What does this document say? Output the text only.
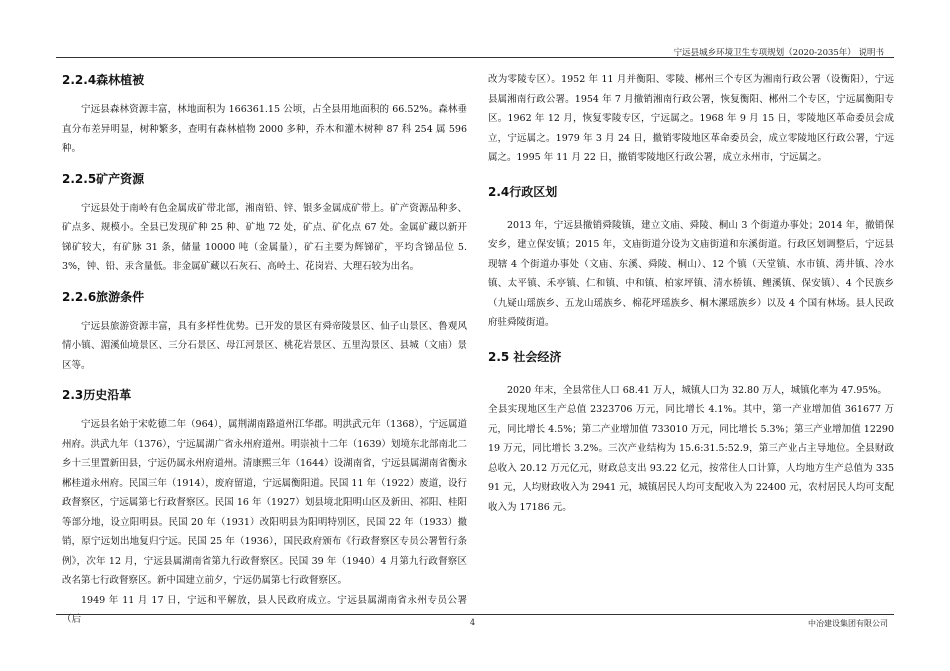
宁远县城乡环境卫生专项规划（2020-2035年） 说明书
2.2.4森林植被

宁远县森林资源丰富，林地面积为 166361.15 公顷，占全县用地面积的 66.52%。森林垂直分布差异明显，树种繁多，查明有森林植物 2000 多种，乔木和灌木树种 87 科 254 属 596 种。

2.2.5矿产资源

宁远县处于南岭有色金属成矿带北部，湘南铅、锌、银多金属成矿带上。矿产资源品种多、矿点多、规模小。全县已发现矿种 25 种、矿地 72 处，矿点、矿化点 67 处。金属矿藏以新开锑矿较大，有矿脉 31 条，储量 10000 吨（金属量），矿石主要为辉锑矿，平均含锑品位 5.3%，钟、铅、汞含量低。非金属矿藏以石灰石、高岭土、花岗岩、大理石较为出名。

2.2.6旅游条件

宁远县旅游资源丰富，具有多样性优势。已开发的景区有舜帝陵景区、仙子山景区、鲁观风情小镇、湄溪仙境景区、三分石景区、母江河景区、桃花岩景区、五里沟景区、县城（文庙）景区等。

2.3历史沿革

宁远县名始于宋乾德二年（964），属荆湖南路道州江华郡。明洪武元年（1368），宁远属道州府。洪武九年（1376），宁远属湖广省永州府道州。明崇祯十二年（1639）划境东北部南北二乡十三里置新田县，宁远仍属永州府道州。清康熙三年（1644）设湖南省，宁远县属湖南省衡永郴桂道永州府。民国三年（1914），废府留道，宁远属衡阳道。民国 11 年（1922）废道，设行政督察区，宁远属第七行政督察区。民国 16 年（1927）划县境北阳明山区及新田、祁阳、桂阳等部分地，设立阳明县。民国 20 年（1931）改阳明县为阳明特別区，民国 22 年（1933）撤销，原宁远划出地复归宁远。民国 25 年（1936），国民政府颁布《行政督察区专员公署暂行条例》，次年 12 月，宁远县属湖南省第九行政督察区。民国 39 年（1940）4 月第九行政督察区改名第七行政督察区。新中国建立前夕，宁远仍属第七行政督察区。

1949 年 11 月 17 日，宁远和平解放，县人民政府成立。宁远县属湖南省永州专员公署（后

改为零陵专区）。1952 年 11 月并衡阳、零陵、郴州三个专区为湘南行政公署（设衡阳），宁远县属湘南行政公署。1954 年 7 月撤销湘南行政公署，恢复衡阳、郴州二个专区，宁远属衡阳专区。1962 年 12 月，恢复零陵专区，宁远属之。1968 年 9 月 15 日，零陵地区革命委员会成立，宁远属之。1979 年 3 月 24 日，撤销零陵地区革命委员会，成立零陵地区行政公署，宁远属之。1995 年 11 月 22 日，撤销零陵地区行政公署，成立永州市，宁远属之。

2.4行政区划

2013 年，宁远县撤销舜陵镇，建立文庙、舜陵、桐山 3 个街道办事处；2014 年，撤销保安乡，建立保安镇；2015 年，文庙街道分设为文庙街道和东溪街道。行政区划调整后，宁远县现辖 4 个街道办事处（文庙、东溪、舜陵、桐山）、12 个镇（天堂镇、水市镇、湾井镇、冷水镇、太平镇、禾亭镇、仁和镇、中和镇、柏家坪镇、清水桥镇、鲤溪镇、保安镇）、4 个民族乡（九疑山瑶族乡、五龙山瑶族乡、棉花坪瑶族乡、桐木漯瑶族乡）以及 4 个国有林场。县人民政府驻舜陵街道。

2.5 社会经济

2020 年末，全县常住人口 68.41 万人，城镇人口为 32.80 万人，城镇化率为 47.95%。

全县实现地区生产总值 2323706 万元，同比增长 4.1%。其中，第一产业增加值 361677 万元，同比增长 4.5%；第二产业增加值 733010 万元，同比增长 5.3%；第三产业增加值 1229019 万元，同比增长 3.2%。三次产业结构为 15.6:31.5:52.9，第三产业占主导地位。全县财政总收入 20.12 万元亿元，财政总支出 93.22 亿元，按常住人口计算，人均地方生产总值为 33591 元，人均财政收入为 2941 元，城镇居民人均可支配收入为 22400 元，农村居民人均可支配收入为 17186 元。

4	中冶建设集团有限公司
